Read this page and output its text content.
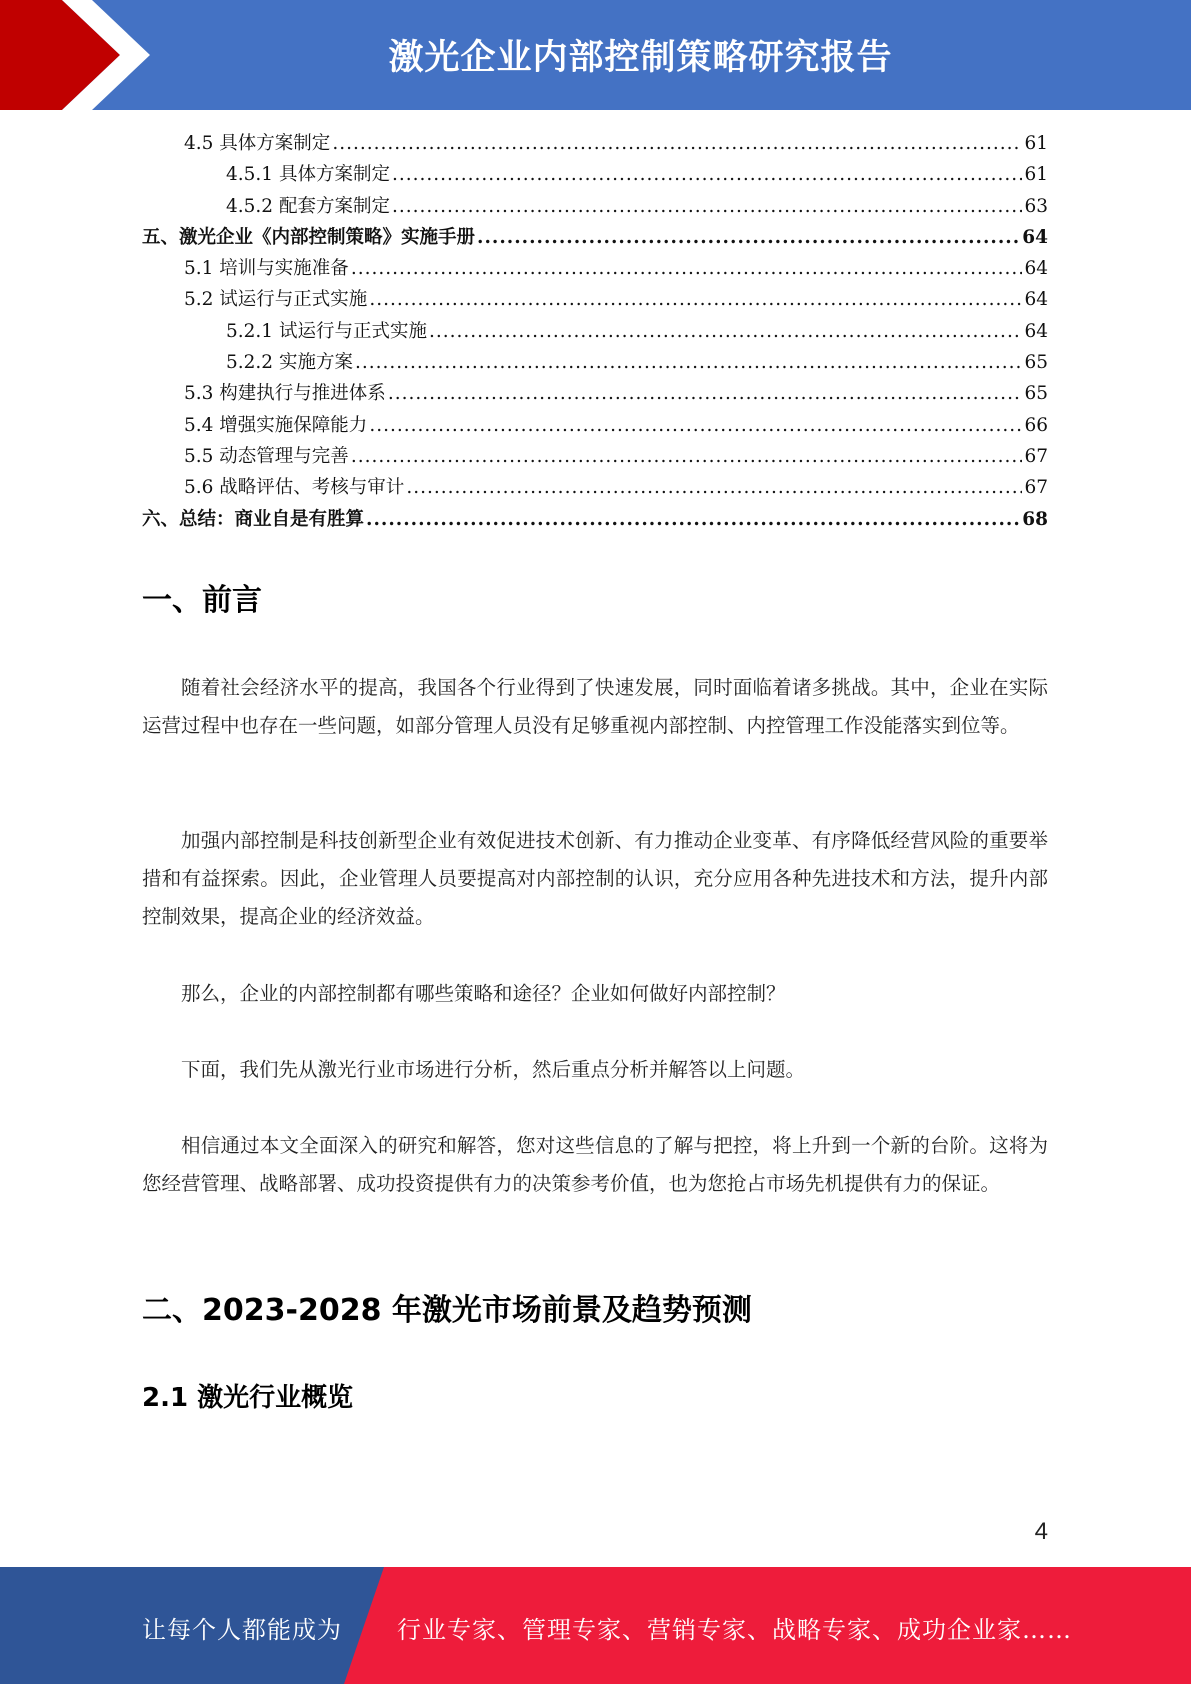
激光企业内部控制策略研究报告
4.5 具体方案制定 .....	61
4.5.1 具体方案制定 .....	61
4.5.2 配套方案制定 .....	63
五、激光企业《内部控制策略》实施手册 .....	64
5.1 培训与实施准备 .....	64
5.2 试运行与正式实施 .....	64
5.2.1 试运行与正式实施 .....	64
5.2.2 实施方案 .....	65
5.3 构建执行与推进体系 .....	65
5.4 增强实施保障能力 .....	66
5.5 动态管理与完善 .....	67
5.6 战略评估、考核与审计 .....	67
六、总结：商业自是有胜算 .....	68
一、前言
随着社会经济水平的提高，我国各个行业得到了快速发展，同时面临着诸多挑战。其中，企业在实际运营过程中也存在一些问题，如部分管理人员没有足够重视内部控制、内控管理工作没能落实到位等。
加强内部控制是科技创新型企业有效促进技术创新、有力推动企业变革、有序降低经营风险的重要举措和有益探索。因此，企业管理人员要提高对内部控制的认识，充分应用各种先进技术和方法，提升内部控制效果，提高企业的经济效益。
那么，企业的内部控制都有哪些策略和途径？企业如何做好内部控制？
下面，我们先从激光行业市场进行分析，然后重点分析并解答以上问题。
相信通过本文全面深入的研究和解答，您对这些信息的了解与把控，将上升到一个新的台阶。这将为您经营管理、战略部署、成功投资提供有力的决策参考价值，也为您抢占市场先机提供有力的保证。
二、2023-2028 年激光市场前景及趋势预测
2.1 激光行业概览
4
让每个人都能成为 行业专家、管理专家、营销专家、战略专家、成功企业家……
